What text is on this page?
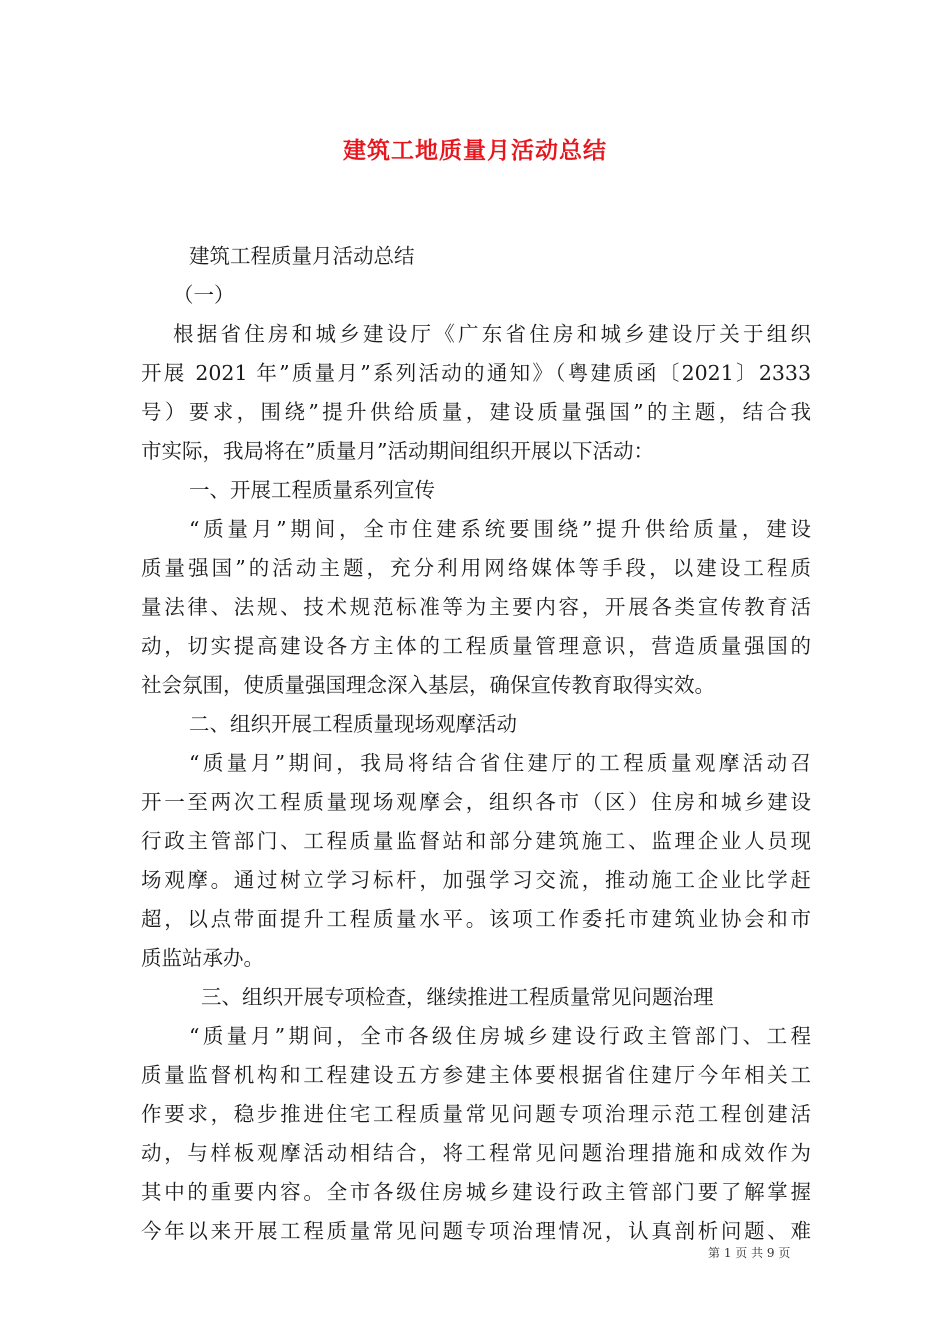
建筑工地质量月活动总结
建筑工程质量月活动总结
（一）
根据省住房和城乡建设厅《广东省住房和城乡建设厅关于组织
开展 2021 年”质量月”系列活动的通知》（粤建质函〔2021〕2333
号）要求，围绕”提升供给质量，建设质量强国”的主题，结合我
市实际，我局将在”质量月”活动期间组织开展以下活动：
一、开展工程质量系列宣传
“质量月”期间，全市住建系统要围绕”提升供给质量，建设
质量强国”的活动主题，充分利用网络媒体等手段，以建设工程质
量法律、法规、技术规范标准等为主要内容，开展各类宣传教育活
动，切实提高建设各方主体的工程质量管理意识，营造质量强国的
社会氛围，使质量强国理念深入基层，确保宣传教育取得实效。
二、组织开展工程质量现场观摩活动
“质量月”期间，我局将结合省住建厅的工程质量观摩活动召
开一至两次工程质量现场观摩会，组织各市（区）住房和城乡建设
行政主管部门、工程质量监督站和部分建筑施工、监理企业人员现
场观摩。通过树立学习标杆，加强学习交流，推动施工企业比学赶
超，以点带面提升工程质量水平。该项工作委托市建筑业协会和市
质监站承办。
三、组织开展专项检查，继续推进工程质量常见问题治理
“质量月”期间，全市各级住房城乡建设行政主管部门、工程
质量监督机构和工程建设五方参建主体要根据省住建厅今年相关工
作要求，稳步推进住宅工程质量常见问题专项治理示范工程创建活
动，与样板观摩活动相结合，将工程常见问题治理措施和成效作为
其中的重要内容。全市各级住房城乡建设行政主管部门要了解掌握
今年以来开展工程质量常见问题专项治理情况，认真剖析问题、难
第 1 页 共 9 页
